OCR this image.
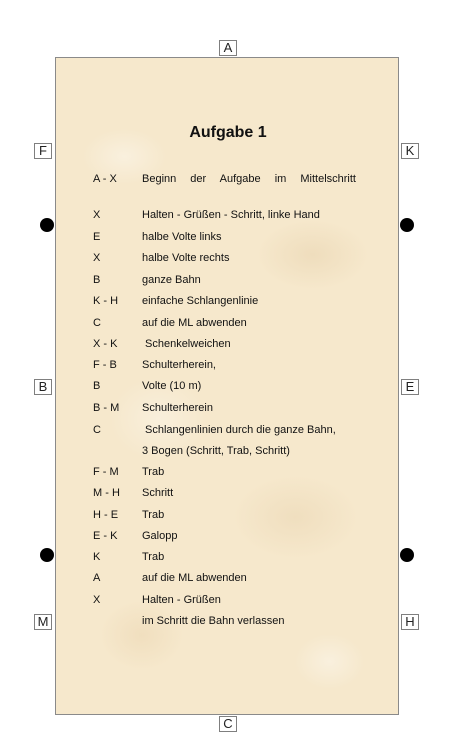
A
C
F	K
B	E
M	H
Aufgabe 1
A - X Beginn der Aufgabe im Mittelschritt
X	Halten - Grüßen - Schritt, linke Hand
E	halbe Volte links
X	halbe Volte rechts
B	ganze Bahn
K - H einfache Schlangenlinie
C	auf die ML abwenden
X - K	Schenkelweichen
F - B Schulterherein,
B	Volte (10 m)
B - M Schulterherein
C	Schlangenlinien durch die ganze Bahn,
3 Bogen (Schritt, Trab, Schritt)
F - M Trab
M - H Schritt
H - E Trab
E - K Galopp
K	Trab
A	auf die ML abwenden
X	Halten - Grüßen
im Schritt die Bahn verlassen
